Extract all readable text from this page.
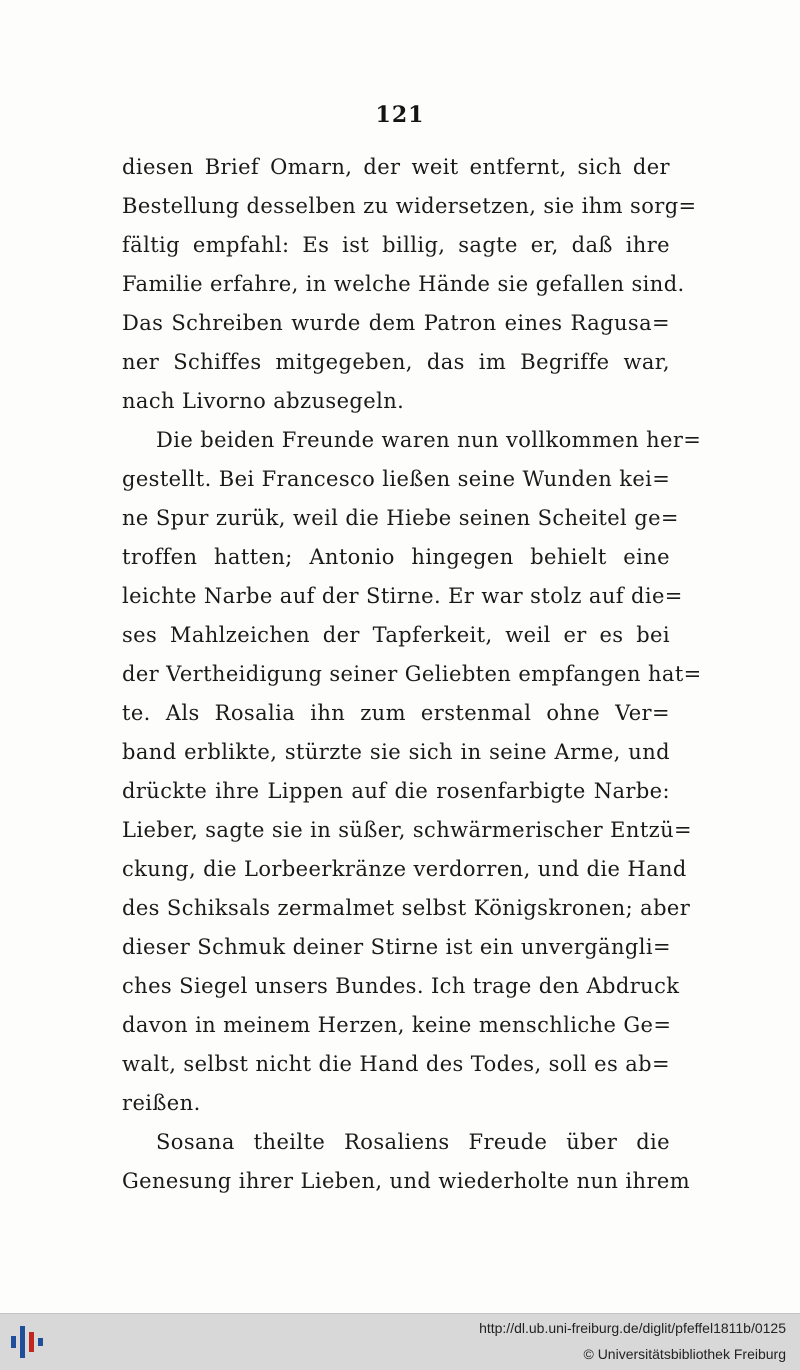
121
diesen Brief Omarn, der weit entfernt, sich der
Bestellung desselben zu widersetzen, sie ihm sorg=
fältig empfahl: Es ist billig, sagte er, daß ihre
Familie erfahre, in welche Hände sie gefallen sind.
Das Schreiben wurde dem Patron eines Ragusa=
ner Schiffes mitgegeben, das im Begriffe war,
nach Livorno abzusegeln.
Die beiden Freunde waren nun vollkommen her=
gestellt. Bei Francesco ließen seine Wunden kei=
ne Spur zurük, weil die Hiebe seinen Scheitel ge=
troffen hatten; Antonio hingegen behielt eine
leichte Narbe auf der Stirne. Er war stolz auf die=
ses Mahlzeichen der Tapferkeit, weil er es bei
der Vertheidigung seiner Geliebten empfangen hat=
te. Als Rosalia ihn zum erstenmal ohne Ver=
band erblikte, stürzte sie sich in seine Arme, und
drückte ihre Lippen auf die rosenfarbigte Narbe:
Lieber, sagte sie in süßer, schwärmerischer Entzü=
ckung, die Lorbeerkränze verdorren, und die Hand
des Schiksals zermalmet selbst Königskronen; aber
dieser Schmuk deiner Stirne ist ein unvergängli=
ches Siegel unsers Bundes. Ich trage den Abdruck
davon in meinem Herzen, keine menschliche Ge=
walt, selbst nicht die Hand des Todes, soll es ab=
reißen.
Sosana theilte Rosaliens Freude über die
Genesung ihrer Lieben, und wiederholte nun ihrem
http://dl.ub.uni-freiburg.de/diglit/pfeffel1811b/0125
© Universitätsbibliothek Freiburg
